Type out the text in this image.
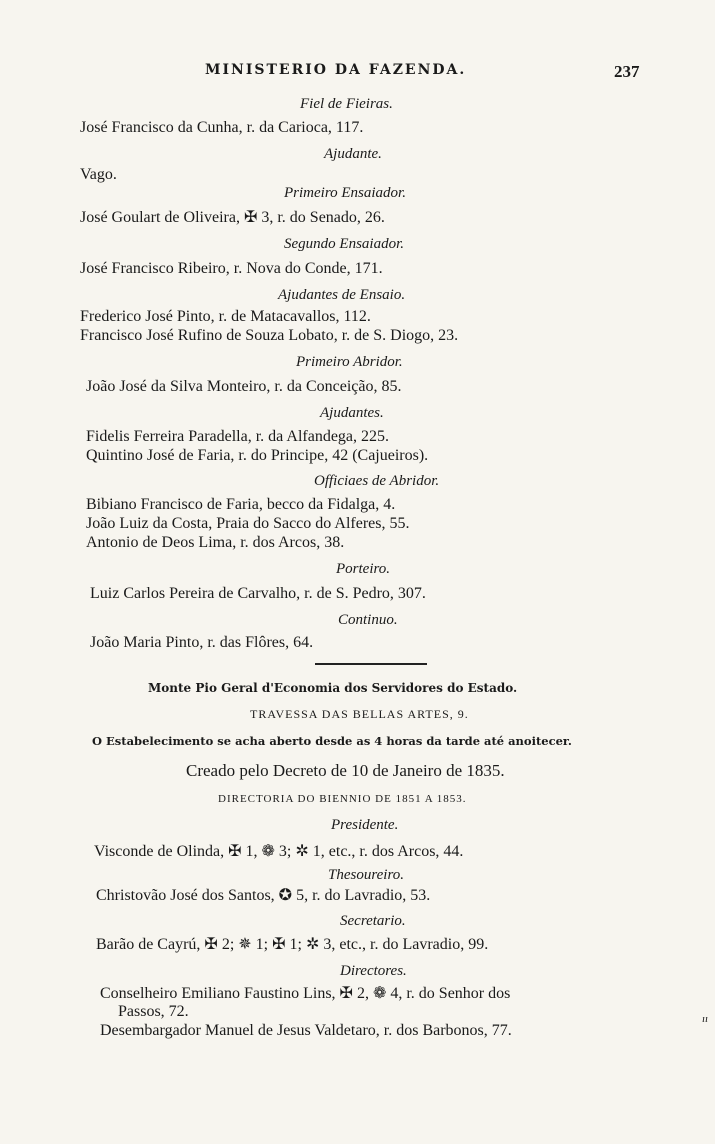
MINISTERIO DA FAZENDA.	237
Fiel de Fieiras.
José Francisco da Cunha, r. da Carioca, 117.
Ajudante.
Vago.
Primeiro Ensaiador.
José Goulart de Oliveira, ✠ 3, r. do Senado, 26.
Segundo Ensaiador.
José Francisco Ribeiro, r. Nova do Conde, 171.
Ajudantes de Ensaio.
Frederico José Pinto, r. de Matacavallos, 112.
Francisco José Rufino de Souza Lobato, r. de S. Diogo, 23.
Primeiro Abridor.
João José da Silva Monteiro, r. da Conceição, 85.
Ajudantes.
Fidelis Ferreira Paradella, r. da Alfandega, 225.
Quintino José de Faria, r. do Principe, 42 (Cajueiros).
Officiaes de Abridor.
Bibiano Francisco de Faria, becco da Fidalga, 4.
João Luiz da Costa, Praia do Sacco do Alferes, 55.
Antonio de Deos Lima, r. dos Arcos, 38.
Porteiro.
Luiz Carlos Pereira de Carvalho, r. de S. Pedro, 307.
Continuo.
João Maria Pinto, r. das Flôres, 64.
Monte Pio Geral d'Economia dos Servidores do Estado.
TRAVESSA DAS BELLAS ARTES, 9.
O Estabelecimento se acha aberto desde as 4 horas da tarde até anoitecer.
Creado pelo Decreto de 10 de Janeiro de 1835.
DIRECTORIA DO BIENNIO DE 1851 A 1853.
Presidente.
Visconde de Olinda, ✠ 1, ❁ 3; ✲ 1, etc., r. dos Arcos, 44.
Thesoureiro.
Christovão José dos Santos, ✪ 5, r. do Lavradio, 53.
Secretario.
Barão de Cayrú, ✠ 2; ✵ 1; ✠ 1; ✲ 3, etc., r. do Lavradio, 99.
Directores.
Conselheiro Emiliano Faustino Lins, ✠ 2, ❁ 4, r. do Senhor dos
Passos, 72.
Desembargador Manuel de Jesus Valdetaro, r. dos Barbonos, 77.
ıı
